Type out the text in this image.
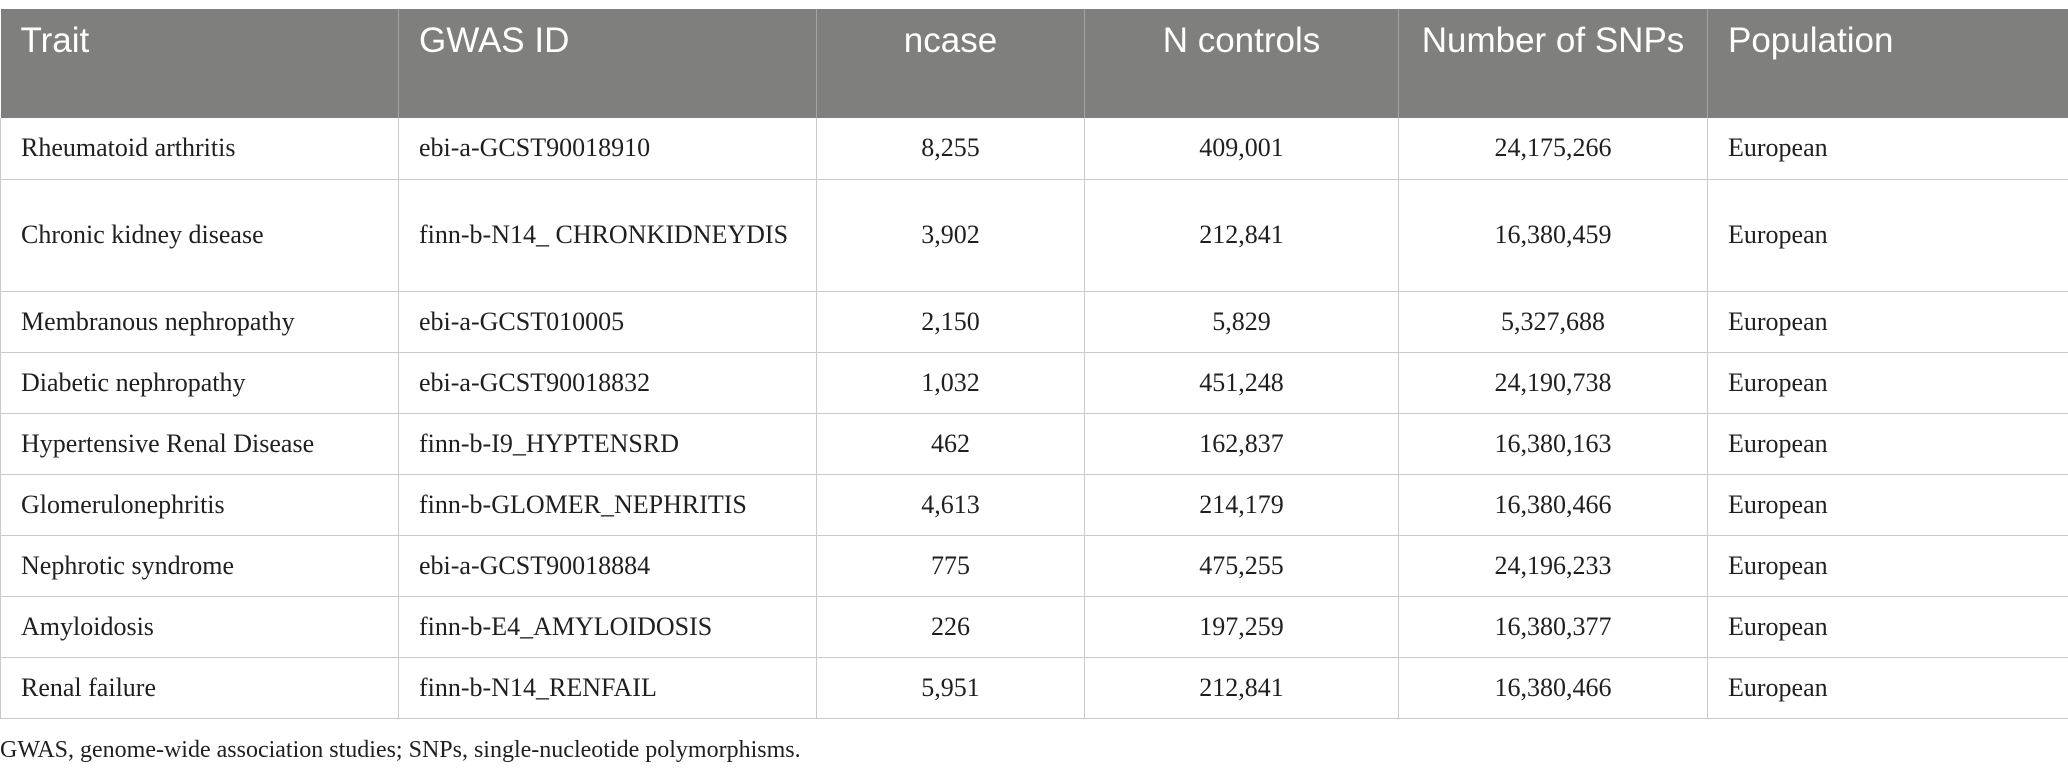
Trait	GWAS ID	ncase	N controls	Number of SNPs	Population
Rheumatoid arthritis	ebi-a-GCST90018910	8,255	409,001	24,175,266	European
Chronic kidney disease	finn-b-N14_ CHRONKIDNEYDIS	3,902	212,841	16,380,459	European
Membranous nephropathy	ebi-a-GCST010005	2,150	5,829	5,327,688	European
Diabetic nephropathy	ebi-a-GCST90018832	1,032	451,248	24,190,738	European
Hypertensive Renal Disease	finn-b-I9_HYPTENSRD	462	162,837	16,380,163	European
Glomerulonephritis	finn-b-GLOMER_NEPHRITIS	4,613	214,179	16,380,466	European
Nephrotic syndrome	ebi-a-GCST90018884	775	475,255	24,196,233	European
Amyloidosis	finn-b-E4_AMYLOIDOSIS	226	197,259	16,380,377	European
Renal failure	finn-b-N14_RENFAIL	5,951	212,841	16,380,466	European
GWAS, genome-wide association studies; SNPs, single-nucleotide polymorphisms.
